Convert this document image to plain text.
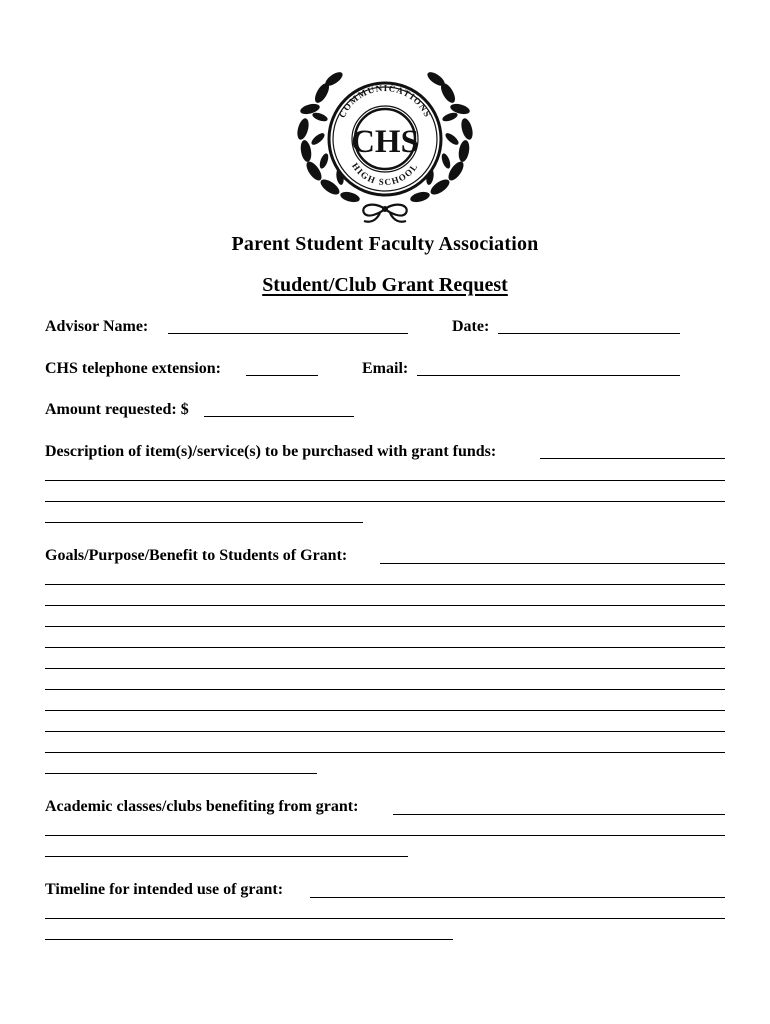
COMMUNICATIONS
HIGH SCHOOL
CHS
Parent Student Faculty Association
Student/Club Grant Request
Advisor Name:	Date:
CHS telephone extension:	Email:
Amount requested: $
Description of item(s)/service(s) to be purchased with grant funds:
Goals/Purpose/Benefit to Students of Grant:
Academic classes/clubs benefiting from grant:
Timeline for intended use of grant:
